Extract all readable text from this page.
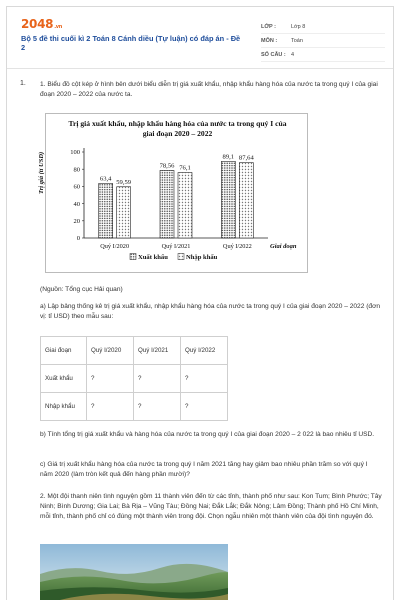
2048.vn
Bộ 5 đề thi cuối kì 2 Toán 8 Cánh diều (Tự luận) có đáp án - Đề 2
LỚP :	Lớp 8
MÔN :	Toán
SỐ CÂU : 4
1. 1. Biểu đồ cột kép ở hình bên dưới biểu diễn trị giá xuất khẩu, nhập khẩu hàng hóa của nước ta trong quý I của giai đoạn 2020 – 2022 của nước ta.
Trị giá xuất khẩu, nhập khẩu hàng hóa của nước ta trong quý I của giai đoạn 2020 – 2022
0
20
40
60
80
100
63,4 59,59
Quý I/2020
78,56 76,1
Quý I/2021
89,1 87,64
Quý I/2022	Giai đoạn
Xuất khẩu	Nhập khẩu
Trị giá (tỉ USD)
(Nguồn: Tổng cục Hải quan)
a) Lập bảng thống kê trị giá xuất khẩu, nhập khẩu hàng hóa của nước ta trong quý I của giai đoạn 2020 – 2022 (đơn vị: tỉ USD) theo mẫu sau:
Giai đoạn	Quý I/2020	Quý I/2021	Quý I/2022
Xuất khẩu	?	?	?
Nhập khẩu	?	?	?
b) Tính tổng trị giá xuất khẩu và hàng hóa của nước ta trong quý I của giai đoạn 2020 – 2 022 là bao nhiêu tỉ USD.
c) Giá trị xuất khẩu hàng hóa của nước ta trong quý I năm 2021 tăng hay giảm bao nhiêu phần trăm so với quý I năm 2020 (làm tròn kết quả đến hàng phần mười)?
2. Một đội thanh niên tình nguyện gồm 11 thành viên đến từ các tỉnh, thành phố như sau: Kon Tum; Bình Phước; Tây Ninh; Bình Dương; Gia Lai; Bà Rịa – Vũng Tàu; Đồng Nai; Đắk Lắk; Đắk Nông; Lâm Đồng; Thành phố Hồ Chí Minh, mỗi tỉnh, thành phố chỉ có đúng một thành viên trong đội. Chọn ngẫu nhiên một thành viên của đội tình nguyện đó.
